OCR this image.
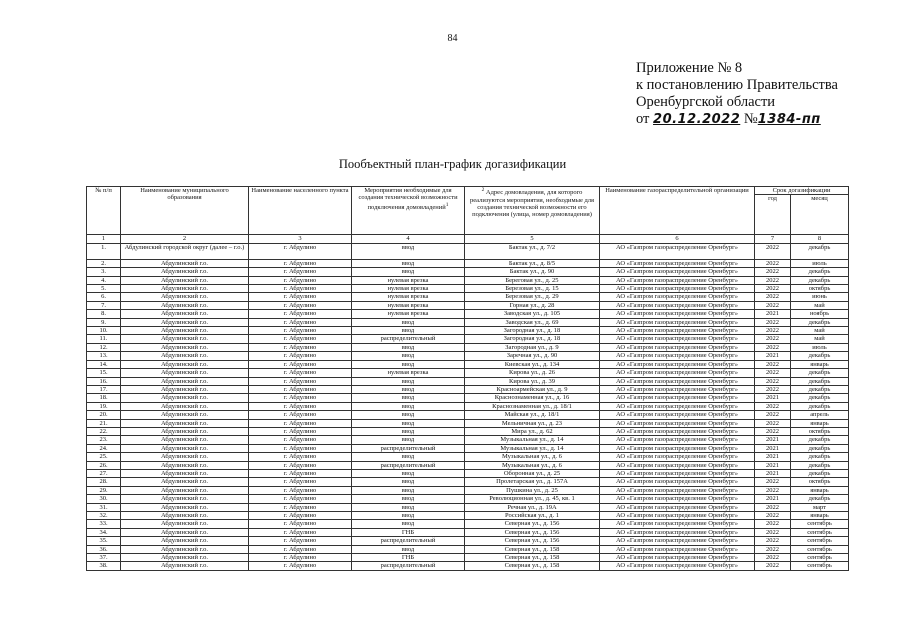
84
Приложение № 8
к постановлению Правительства
Оренбургской области
от 20.12.2022 №1384-пп
Пообъектный план-график догазификации
№ п/п	Наименование муниципального образования	Наименование населенного пункта	Мероприятия необходимые для создания технической возможности подключения домовладений$^1$	$^2$ Адрес домовладения, для которого реализуются мероприятия, необходимые для создания технической возможности его подключения (улица, номер домовладения)	Наименование газораспределительной организации	Срок догазификации	
						год	месяц
1	2	3	4	5	6	7	8
1.	Абдулинский городской округ (далее – г.о.)	г. Абдулино	ввод	Бактак ул., д. 7/2	АО «Газпром газораспределение Оренбург»	2022	декабрь
2.	Абдулинский г.о.	г. Абдулино	ввод	Бактак ул., д. 8/5	АО «Газпром газораспределение Оренбург»	2022	июль
3.	Абдулинский г.о.	г. Абдулино	ввод	Бактак ул., д. 90	АО «Газпром газораспределение Оренбург»	2022	декабрь
4.	Абдулинский г.о.	г. Абдулино	нулевая врезка	Береговая ул., д. 25	АО «Газпром газораспределение Оренбург»	2022	декабрь
5.	Абдулинский г.о.	г. Абдулино	нулевая врезка	Березовая ул., д. 15	АО «Газпром газораспределение Оренбург»	2022	октябрь
6.	Абдулинский г.о.	г. Абдулино	нулевая врезка	Березовая ул., д. 29	АО «Газпром газораспределение Оренбург»	2022	июнь
7.	Абдулинский г.о.	г. Абдулино	нулевая врезка	Горная ул., д. 28	АО «Газпром газораспределение Оренбург»	2022	май
8.	Абдулинский г.о.	г. Абдулино	нулевая врезка	Заводская ул., д. 105	АО «Газпром газораспределение Оренбург»	2021	ноябрь
9.	Абдулинский г.о.	г. Абдулино	ввод	Заводская ул., д. 69	АО «Газпром газораспределение Оренбург»	2022	декабрь
10.	Абдулинский г.о.	г. Абдулино	ввод	Загородная ул., д. 18	АО «Газпром газораспределение Оренбург»	2022	май
11.	Абдулинский г.о.	г. Абдулино	распределительный	Загородная ул., д. 18	АО «Газпром газораспределение Оренбург»	2022	май
12.	Абдулинский г.о.	г. Абдулино	ввод	Загородная ул., д. 9	АО «Газпром газораспределение Оренбург»	2022	июль
13.	Абдулинский г.о.	г. Абдулино	ввод	Заречная ул., д. 90	АО «Газпром газораспределение Оренбург»	2021	декабрь
14.	Абдулинский г.о.	г. Абдулино	ввод	Киевская ул., д. 134	АО «Газпром газораспределение Оренбург»	2022	январь
15.	Абдулинский г.о.	г. Абдулино	нулевая врезка	Кирова ул., д. 26	АО «Газпром газораспределение Оренбург»	2022	декабрь
16.	Абдулинский г.о.	г. Абдулино	ввод	Кирова ул., д. 39	АО «Газпром газораспределение Оренбург»	2022	декабрь
17.	Абдулинский г.о.	г. Абдулино	ввод	Красноармейская ул., д. 9	АО «Газпром газораспределение Оренбург»	2022	декабрь
18.	Абдулинский г.о.	г. Абдулино	ввод	Краснознаменная ул., д. 16	АО «Газпром газораспределение Оренбург»	2021	декабрь
19.	Абдулинский г.о.	г. Абдулино	ввод	Краснознаменная ул., д. 18/1	АО «Газпром газораспределение Оренбург»	2022	декабрь
20.	Абдулинский г.о.	г. Абдулино	ввод	Майская ул., д. 18/1	АО «Газпром газораспределение Оренбург»	2022	апрель
21.	Абдулинский г.о.	г. Абдулино	ввод	Мельничная ул., д. 23	АО «Газпром газораспределение Оренбург»	2022	январь
22.	Абдулинский г.о.	г. Абдулино	ввод	Мира ул., д. 62	АО «Газпром газораспределение Оренбург»	2022	октябрь
23.	Абдулинский г.о.	г. Абдулино	ввод	Музыкальная ул., д. 14	АО «Газпром газораспределение Оренбург»	2021	декабрь
24.	Абдулинский г.о.	г. Абдулино	распределительный	Музыкальная ул., д. 14	АО «Газпром газораспределение Оренбург»	2021	декабрь
25.	Абдулинский г.о.	г. Абдулино	ввод	Музыкальная ул., д. 6	АО «Газпром газораспределение Оренбург»	2021	декабрь
26.	Абдулинский г.о.	г. Абдулино	распределительный	Музыкальная ул., д. 6	АО «Газпром газораспределение Оренбург»	2021	декабрь
27.	Абдулинский г.о.	г. Абдулино	ввод	Оборонная ул., д. 25	АО «Газпром газораспределение Оренбург»	2021	декабрь
28.	Абдулинский г.о.	г. Абдулино	ввод	Пролетарская ул., д. 157А	АО «Газпром газораспределение Оренбург»	2022	октябрь
29.	Абдулинский г.о.	г. Абдулино	ввод	Пушкина ул., д. 25	АО «Газпром газораспределение Оренбург»	2022	январь
30.	Абдулинский г.о.	г. Абдулино	ввод	Революционная ул., д. 45, кв. 1	АО «Газпром газораспределение Оренбург»	2021	декабрь
31.	Абдулинский г.о.	г. Абдулино	ввод	Речная ул., д. 19А	АО «Газпром газораспределение Оренбург»	2022	март
32.	Абдулинский г.о.	г. Абдулино	ввод	Российская ул., д. 1	АО «Газпром газораспределение Оренбург»	2022	январь
33.	Абдулинский г.о.	г. Абдулино	ввод	Северная ул., д. 156	АО «Газпром газораспределение Оренбург»	2022	сентябрь
34.	Абдулинский г.о.	г. Абдулино	ГНБ	Северная ул., д. 156	АО «Газпром газораспределение Оренбург»	2022	сентябрь
35.	Абдулинский г.о.	г. Абдулино	распределительный	Северная ул., д. 156	АО «Газпром газораспределение Оренбург»	2022	сентябрь
36.	Абдулинский г.о.	г. Абдулино	ввод	Северная ул., д. 158	АО «Газпром газораспределение Оренбург»	2022	сентябрь
37.	Абдулинский г.о.	г. Абдулино	ГНБ	Северная ул., д. 158	АО «Газпром газораспределение Оренбург»	2022	сентябрь
38.	Абдулинский г.о.	г. Абдулино	распределительный	Северная ул., д. 158	АО «Газпром газораспределение Оренбург»	2022	сентябрь
